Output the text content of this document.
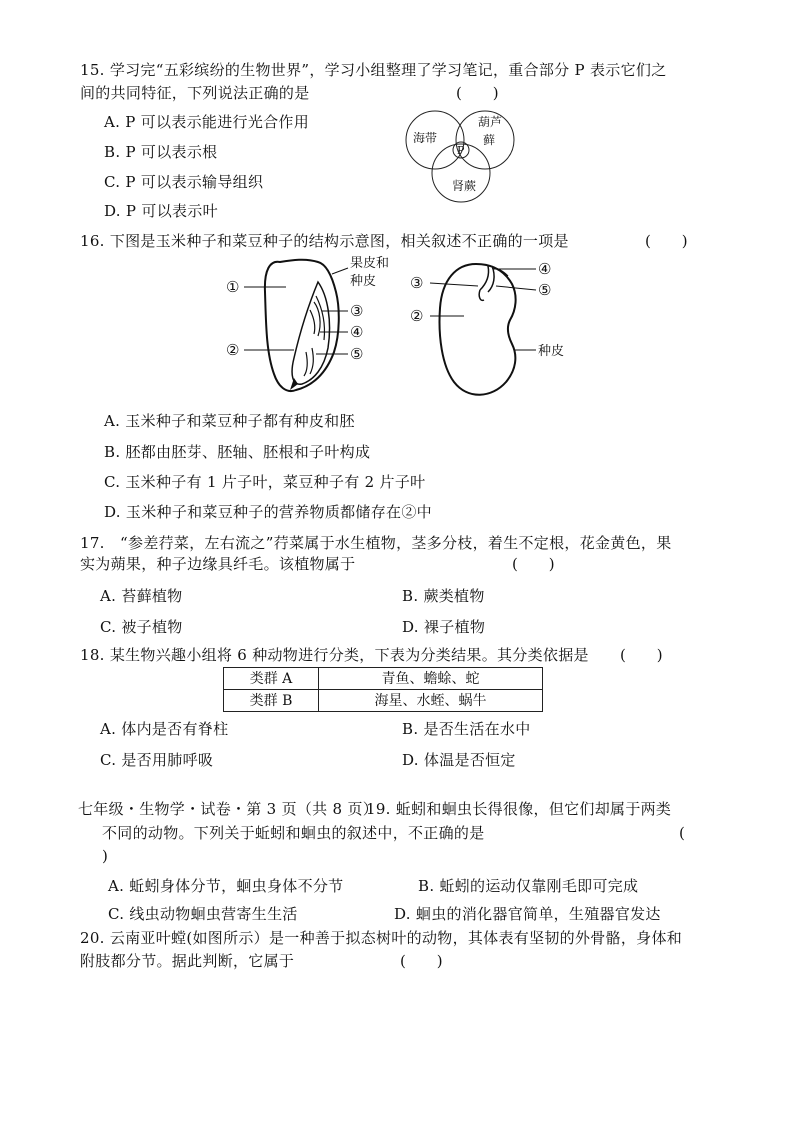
15. 学习完“五彩缤纷的生物世界”，学习小组整理了学习笔记，重合部分 P 表示它们之
间的共同特征，下列说法正确的是	(　　)
A. P 可以表示能进行光合作用
B. P 可以表示根
C. P 可以表示输导组织
D. P 可以表示叶
海带
葫芦
藓
肾蕨
P
16. 下图是玉米种子和菜豆种子的结构示意图，相关叙述不正确的一项是	(　　)
①
②
③
④
⑤
果皮和
种皮 ③
②
④
⑤
种皮
A. 玉米种子和菜豆种子都有种皮和胚
B. 胚都由胚芽、胚轴、胚根和子叶构成
C. 玉米种子有 1 片子叶，菜豆种子有 2 片子叶
D. 玉米种子和菜豆种子的营养物质都储存在②中
17.　“参差荇菜，左右流之”荇菜属于水生植物，茎多分枝，着生不定根，花金黄色，果
实为蒴果，种子边缘具纤毛。该植物属于	(　　)
A. 苔藓植物	B. 蕨类植物
C. 被子植物	D. 裸子植物
18. 某生物兴趣小组将 6 种动物进行分类，下表为分类结果。其分类依据是 (　　)
类群 A	青鱼、蟾蜍、蛇
类群 B	海星、水蛭、蜗牛
A. 体内是否有脊柱	B. 是否生活在水中
C. 是否用肺呼吸	D. 体温是否恒定
七年级・生物学・试卷・第 3 页（共 8 页）
19. 蚯蚓和蛔虫长得很像，但它们却属于两类
不同的动物。下列关于蚯蚓和蛔虫的叙述中，不正确的是	(
)
A. 蚯蚓身体分节，蛔虫身体不分节	B. 蚯蚓的运动仅靠刚毛即可完成
C. 线虫动物蛔虫营寄生生活	D. 蛔虫的消化器官简单，生殖器官发达
20. 云南亚叶螳(如图所示）是一种善于拟态树叶的动物，其体表有坚韧的外骨骼，身体和
附肢都分节。据此判断，它属于	(　　)
